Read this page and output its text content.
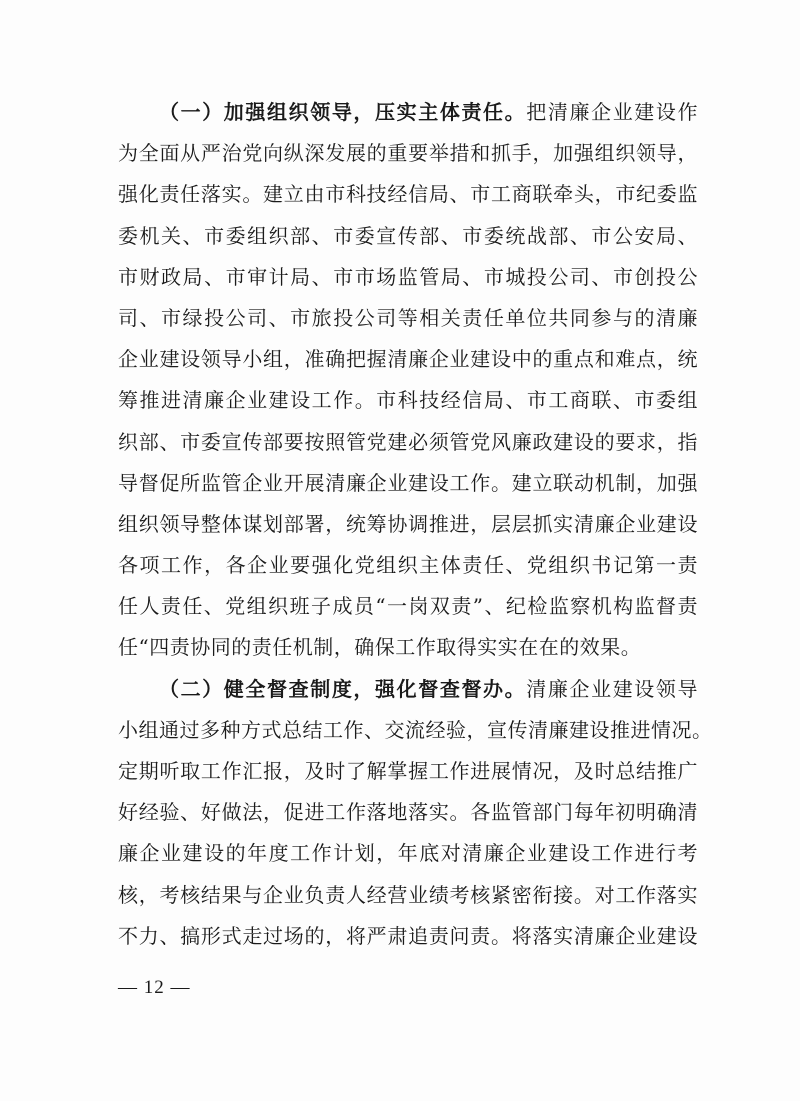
（一）加强组织领导，压实主体责任。把清廉企业建设作
为全面从严治党向纵深发展的重要举措和抓手，加强组织领导，
强化责任落实。建立由市科技经信局、市工商联牵头，市纪委监
委机关、市委组织部、市委宣传部、市委统战部、市公安局、
市财政局、市审计局、市市场监管局、市城投公司、市创投公
司、市绿投公司、市旅投公司等相关责任单位共同参与的清廉
企业建设领导小组，准确把握清廉企业建设中的重点和难点，统
筹推进清廉企业建设工作。市科技经信局、市工商联、市委组
织部、市委宣传部要按照管党建必须管党风廉政建设的要求，指
导督促所监管企业开展清廉企业建设工作。建立联动机制，加强
组织领导整体谋划部署，统筹协调推进，层层抓实清廉企业建设
各项工作，各企业要强化党组织主体责任、党组织书记第一责
任人责任、党组织班子成员“一岗双责”、纪检监察机构监督责
任“四责协同的责任机制，确保工作取得实实在在的效果。
（二）健全督查制度，强化督查督办。清廉企业建设领导
小组通过多种方式总结工作、交流经验，宣传清廉建设推进情况。
定期听取工作汇报，及时了解掌握工作进展情况，及时总结推广
好经验、好做法，促进工作落地落实。各监管部门每年初明确清
廉企业建设的年度工作计划，年底对清廉企业建设工作进行考
核，考核结果与企业负责人经营业绩考核紧密衔接。对工作落实
不力、搞形式走过场的，将严肃追责问责。将落实清廉企业建设
— 12 —
